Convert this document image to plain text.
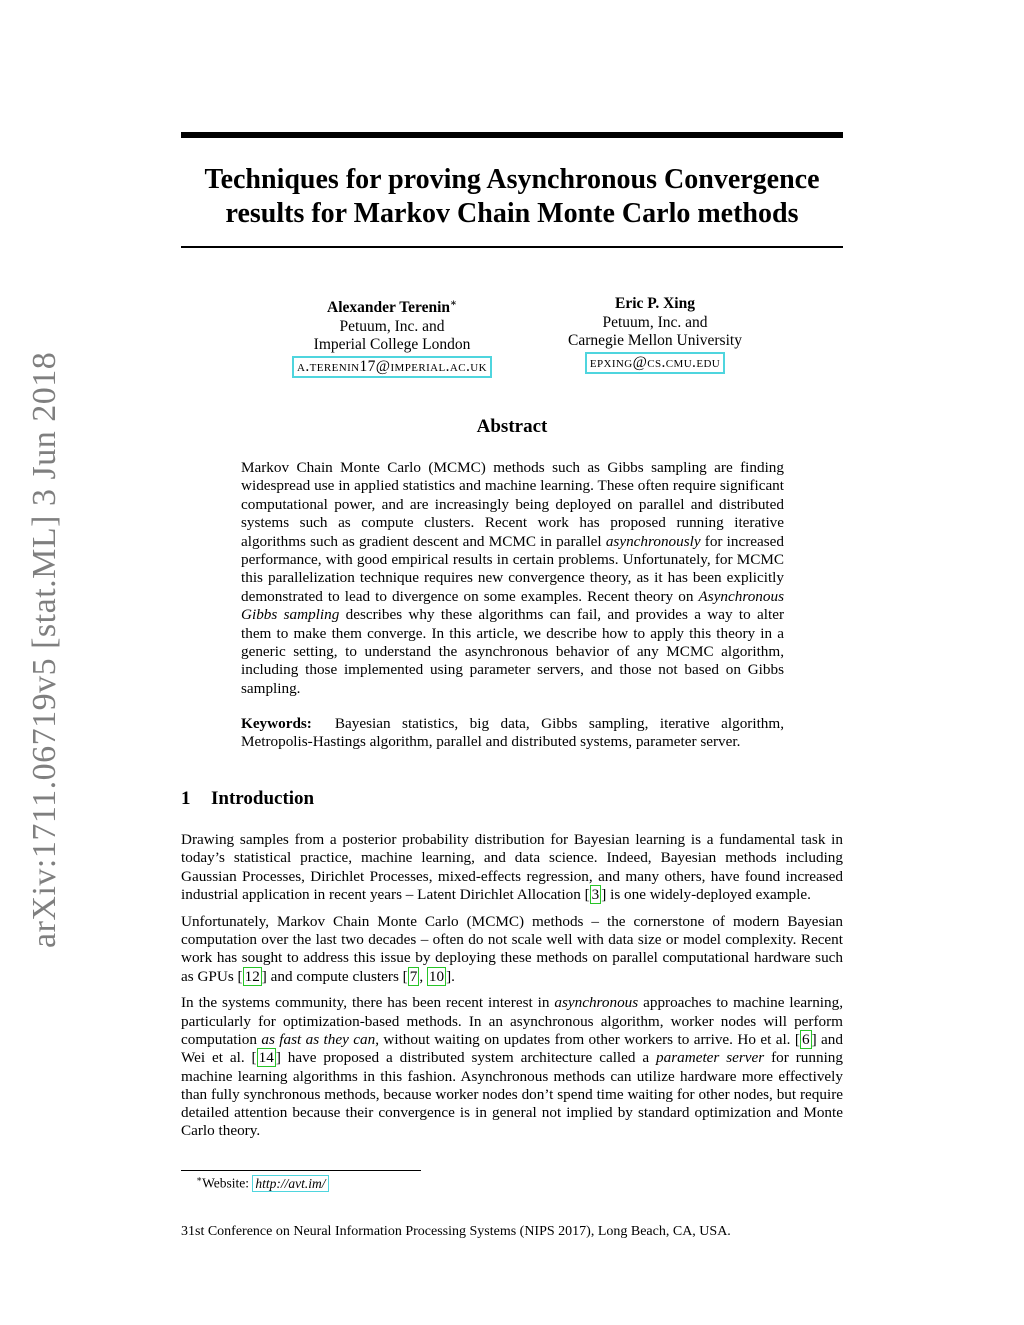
arXiv:1711.06719v5 [stat.ML] 3 Jun 2018
Techniques for proving Asynchronous Convergence
results for Markov Chain Monte Carlo methods
Alexander Terenin∗
Petuum, Inc. and
Imperial College London
a.terenin17@imperial.ac.uk
Eric P. Xing
Petuum, Inc. and
Carnegie Mellon University
epxing@cs.cmu.edu
Abstract
Markov Chain Monte Carlo (MCMC) methods such as Gibbs sampling are finding widespread use in applied statistics and machine learning. These often require significant computational power, and are increasingly being deployed on parallel and distributed systems such as compute clusters. Recent work has proposed running iterative algorithms such as gradient descent and MCMC in parallel asynchronously for increased performance, with good empirical results in certain problems. Unfortunately, for MCMC this parallelization technique requires new convergence theory, as it has been explicitly demonstrated to lead to divergence on some examples. Recent theory on Asynchronous Gibbs sampling describes why these algorithms can fail, and provides a way to alter them to make them converge. In this article, we describe how to apply this theory in a generic setting, to understand the asynchronous behavior of any MCMC algorithm, including those implemented using parameter servers, and those not based on Gibbs sampling.
Keywords: Bayesian statistics, big data, Gibbs sampling, iterative algorithm, Metropolis-Hastings algorithm, parallel and distributed systems, parameter server.
1 Introduction

Drawing samples from a posterior probability distribution for Bayesian learning is a fundamental task in today’s statistical practice, machine learning, and data science. Indeed, Bayesian methods including Gaussian Processes, Dirichlet Processes, mixed-effects regression, and many others, have found increased industrial application in recent years – Latent Dirichlet Allocation [ 3 ] is one widely-deployed example.

Unfortunately, Markov Chain Monte Carlo (MCMC) methods – the cornerstone of modern Bayesian computation over the last two decades – often do not scale well with data size or model complexity. Recent work has sought to address this issue by deploying these methods on parallel computational hardware such as GPUs [ 12 ] and compute clusters [ 7 , 10 ].

In the systems community, there has been recent interest in asynchronous approaches to machine learning, particularly for optimization-based methods. In an asynchronous algorithm, worker nodes will perform computation as fast as they can, without waiting on updates from other workers to arrive. Ho et al. [ 6 ] and Wei et al. [ 14 ] have proposed a distributed system architecture called a parameter server for running machine learning algorithms in this fashion. Asynchronous methods can utilize hardware more effectively than fully synchronous methods, because worker nodes don’t spend time waiting for other nodes, but require detailed attention because their convergence is in general not implied by standard optimization and Monte Carlo theory.

∗Website: http://avt.im/
31st Conference on Neural Information Processing Systems (NIPS 2017), Long Beach, CA, USA.
